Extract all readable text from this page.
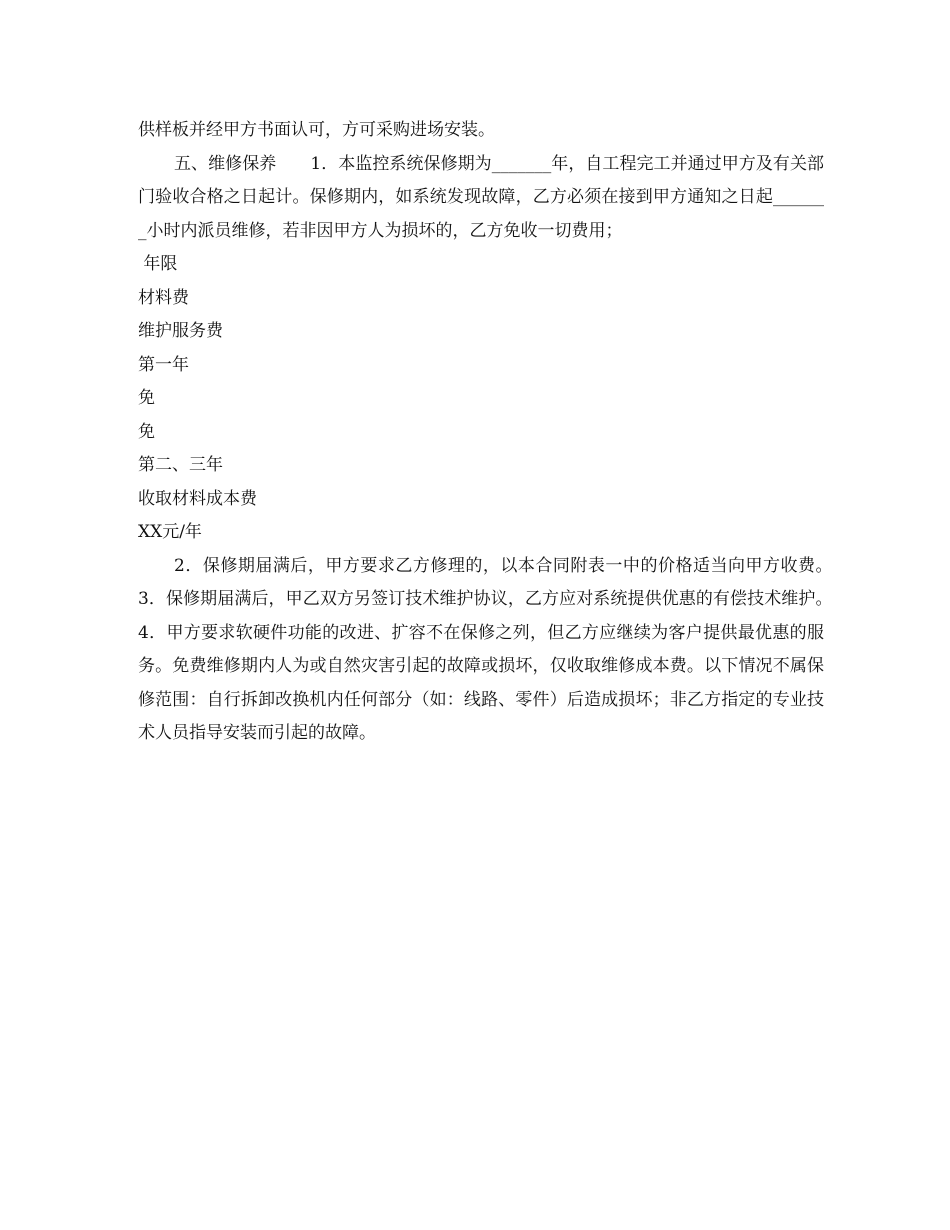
供样板并经甲方书面认可，方可采购进场安装。

五、维修保养　　1．本监控系统保修期为_______年，自工程完工并通过甲方及有关部门验收合格之日起计。保修期内，如系统发现故障，乙方必须在接到甲方通知之日起_______小时内派员维修，若非因甲方人为损坏的，乙方免收一切费用；

年限

材料费

维护服务费

第一年

免

免

第二、三年

收取材料成本费

XX元/年

2．保修期届满后，甲方要求乙方修理的，以本合同附表一中的价格适当向甲方收费。　　　3．保修期届满后，甲乙双方另签订技术维护协议，乙方应对系统提供优惠的有偿技术维护。　　　4．甲方要求软硬件功能的改进、扩容不在保修之列，但乙方应继续为客户提供最优惠的服务。免费维修期内人为或自然灾害引起的故障或损坏，仅收取维修成本费。以下情况不属保修范围：自行拆卸改换机内任何部分（如：线路、零件）后造成损坏；非乙方指定的专业技术人员指导安装而引起的故障。
